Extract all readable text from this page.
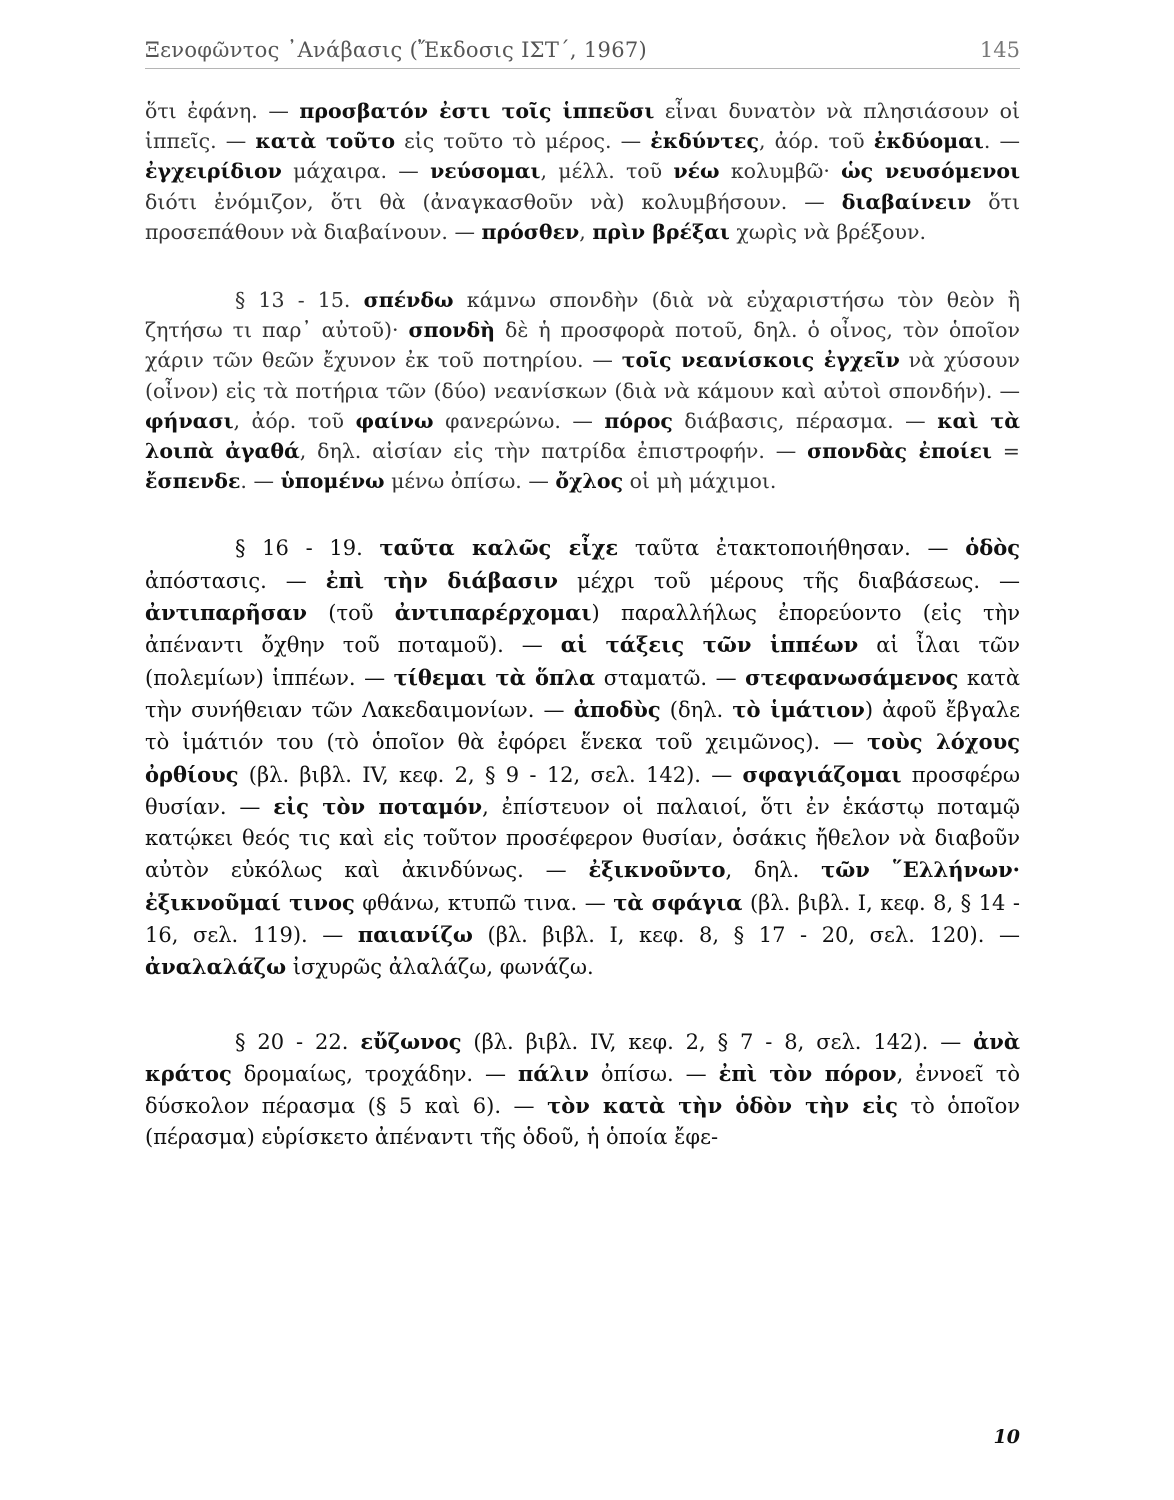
Ξενοφῶντος ᾿Ανάβασις (Ἔκδοσις ΙΣΤ΄, 1967)	145

ὅτι ἐφάνη. — προσβατόν ἐστι τοῖς ἱππεῦσι εἶναι δυνατὸν νὰ πλησιάσουν οἱ ἱππεῖς. — κατὰ τοῦτο εἰς τοῦτο τὸ μέρος. — ἐκδύντες, ἀόρ. τοῦ ἐκδύομαι. — ἐγχειρίδιον μάχαιρα. — νεύσομαι, μέλλ. τοῦ νέω κολυμβῶ· ὡς νευσόμενοι διότι ἐνόμιζον, ὅτι θὰ (ἀναγκασθοῦν νὰ) κολυμβήσουν. — διαβαίνειν ὅτι προσεπάθουν νὰ διαβαίνουν. — πρόσθεν, πρὶν βρέξαι χωρὶς νὰ βρέξουν.

§ 13 - 15. σπένδω κάμνω σπονδὴν (διὰ νὰ εὐχαριστήσω τὸν θεὸν ἢ ζητήσω τι παρ᾽ αὐτοῦ)· σπονδὴ δὲ ἡ προσφορὰ ποτοῦ, δηλ. ὁ οἶνος, τὸν ὁποῖον χάριν τῶν θεῶν ἔχυνον ἐκ τοῦ ποτηρίου. — τοῖς νεανίσκοις ἐγχεῖν νὰ χύσουν (οἶνον) εἰς τὰ ποτήρια τῶν (δύο) νεανίσκων (διὰ νὰ κάμουν καὶ αὐτοὶ σπονδήν). — φήνασι, ἀόρ. τοῦ φαίνω φανερώνω. — πόρος διάβασις, πέρασμα. — καὶ τὰ λοιπὰ ἀγαθά, δηλ. αἰσίαν εἰς τὴν πατρίδα ἐπιστροφήν. — σπονδὰς ἐποίει = ἔσπενδε. — ὑπομένω μένω ὀπίσω. — ὄχλος οἱ μὴ μάχιμοι.

§ 16 - 19. ταῦτα καλῶς εἶχε ταῦτα ἐτακτοποιήθησαν. — ὁδὸς ἀπόστασις. — ἐπὶ τὴν διάβασιν μέχρι τοῦ μέρους τῆς διαβάσεως. — ἀντιπαρῆσαν (τοῦ ἀντιπαρέρχομαι) παραλλήλως ἐπορεύοντο (εἰς τὴν ἀπέναντι ὄχθην τοῦ ποταμοῦ). — αἱ τάξεις τῶν ἱππέων αἱ ἶλαι τῶν (πολεμίων) ἱππέων. — τίθεμαι τὰ ὅπλα σταματῶ. — στεφανωσάμενος κατὰ τὴν συνήθειαν τῶν Λακεδαιμονίων. — ἀποδὺς (δηλ. τὸ ἱμάτιον) ἀφοῦ ἔβγαλε τὸ ἱμάτιόν του (τὸ ὁποῖον θὰ ἐφόρει ἕνεκα τοῦ χειμῶνος). — τοὺς λόχους ὀρθίους (βλ. βιβλ. IV, κεφ. 2, § 9 - 12, σελ. 142). — σφαγιάζομαι προσφέρω θυσίαν. — εἰς τὸν ποταμόν, ἐπίστευον οἱ παλαιοί, ὅτι ἐν ἑκάστῳ ποταμῷ κατῴκει θεός τις καὶ εἰς τοῦτον προσέφερον θυσίαν, ὁσάκις ἤθελον νὰ διαβοῦν αὐτὸν εὐκόλως καὶ ἀκινδύνως. — ἐξικνοῦντο, δηλ. τῶν ῞Ελλήνων· ἐξικνοῦμαί τινος φθάνω, κτυπῶ τινα. — τὰ σφάγια (βλ. βιβλ. Ι, κεφ. 8, § 14 - 16, σελ. 119). — παιανίζω (βλ. βιβλ. Ι, κεφ. 8, § 17 - 20, σελ. 120). — ἀναλαλάζω ἰσχυρῶς ἀλαλάζω, φωνάζω.

§ 20 - 22. εὔζωνος (βλ. βιβλ. IV, κεφ. 2, § 7 - 8, σελ. 142). — ἀνὰ κράτος δρομαίως, τροχάδην. — πάλιν ὀπίσω. — ἐπὶ τὸν πόρον, ἐννοεῖ τὸ δύσκολον πέρασμα (§ 5 καὶ 6). — τὸν κατὰ τὴν ὁδὸν τὴν εἰς τὸ ὁποῖον (πέρασμα) εὑρίσκετο ἀπέναντι τῆς ὁδοῦ, ἡ ὁποία ἔφε-

10
